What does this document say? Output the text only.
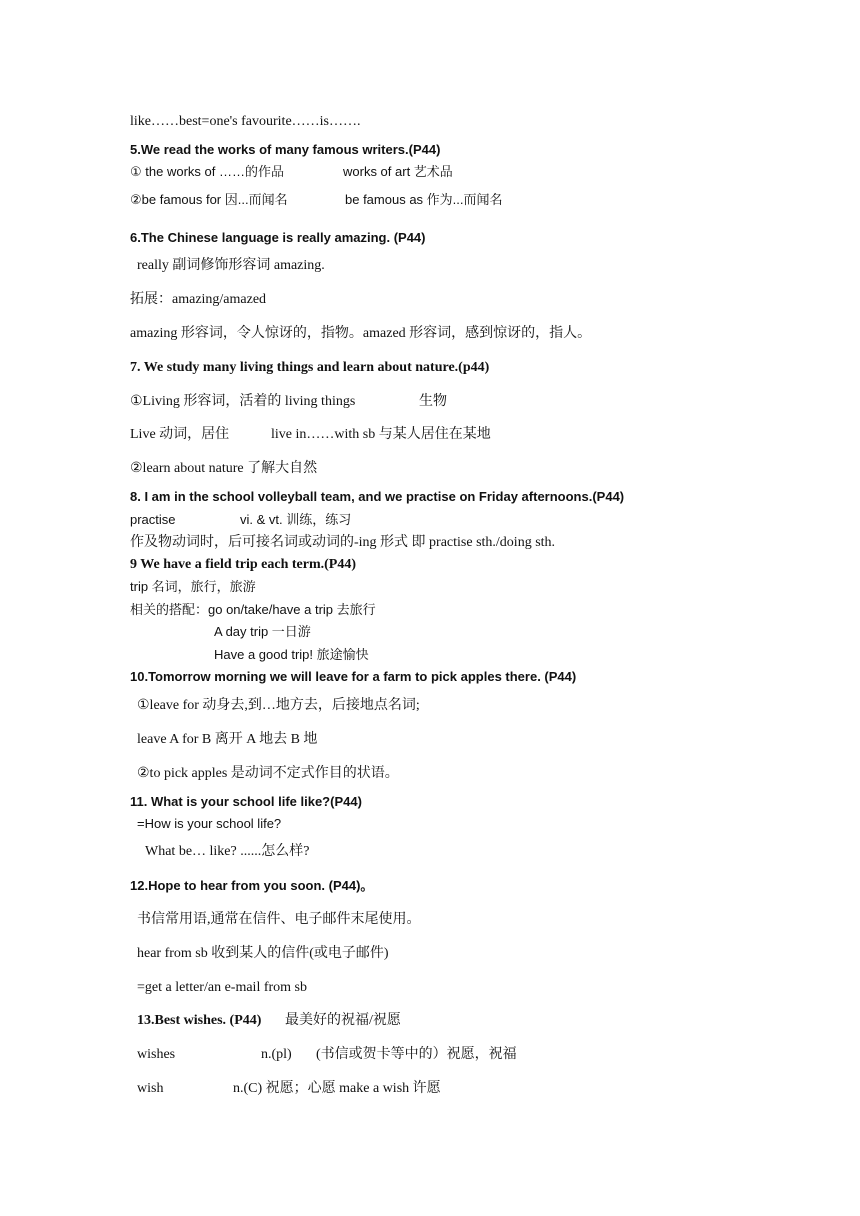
like……best=one's favourite……is…….
5.We read the works of many famous writers.(P44)
① the works of ……的作品	works of art 艺术品
②be famous for 因...而闻名	be famous as 作为...而闻名
6.The Chinese language is really amazing. (P44)
really 副词修饰形容词 amazing.
拓展：amazing/amazed
amazing 形容词，令人惊讶的，指物。amazed 形容词，感到惊讶的，指人。
7. We study many living things and learn about nature.(p44)
①Living 形容词，活着的 living things	生物
Live 动词，居住	live in……with sb 与某人居住在某地
②learn about nature 了解大自然
8. I am in the school volleyball team, and we practise on Friday afternoons.(P44)
practise	vi. & vt. 训练，练习
作及物动词时，后可接名词或动词的-ing 形式 即 practise sth./doing sth.
9 We have a field trip each term.(P44)
trip 名词，旅行，旅游
相关的搭配：go on/take/have a trip 去旅行
A day trip 一日游
Have a good trip! 旅途愉快
10.Tomorrow morning we will leave for a farm to pick apples there. (P44)
①leave for 动身去,到…地方去，后接地点名词;
leave A for B 离开 A 地去 B 地
②to pick apples 是动词不定式作目的状语。
11. What is your school life like?(P44)
=How is your school life?
What be… like? ......怎么样?
12.Hope to hear from you soon. (P44)。
书信常用语,通常在信件、电子邮件末尾使用。
hear from sb 收到某人的信件(或电子邮件)
=get a letter/an e-mail from sb
13.Best wishes. (P44) 最美好的祝福/祝愿
wishes	n.(pl) (书信或贺卡等中的）祝愿，祝福
wish	n.(C) 祝愿；心愿 make a wish 许愿
